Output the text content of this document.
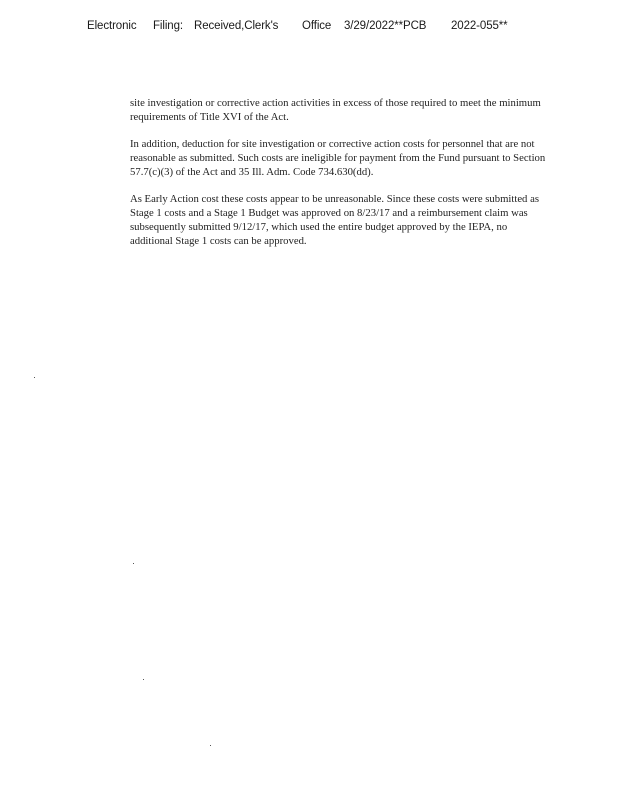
Electronic Filing: Received,Clerk's Office 3/29/2022**PCB 2022-055**

site investigation or corrective action activities in excess of those required to meet the minimum requirements of Title XVI of the Act.

In addition, deduction for site investigation or corrective action costs for personnel that are not reasonable as submitted. Such costs are ineligible for payment from the Fund pursuant to Section 57.7(c)(3) of the Act and 35 Ill. Adm. Code 734.630(dd).

As Early Action cost these costs appear to be unreasonable. Since these costs were submitted as Stage 1 costs and a Stage 1 Budget was approved on 8/23/17 and a reimbursement claim was subsequently submitted 9/12/17, which used the entire budget approved by the IEPA, no additional Stage 1 costs can be approved.
